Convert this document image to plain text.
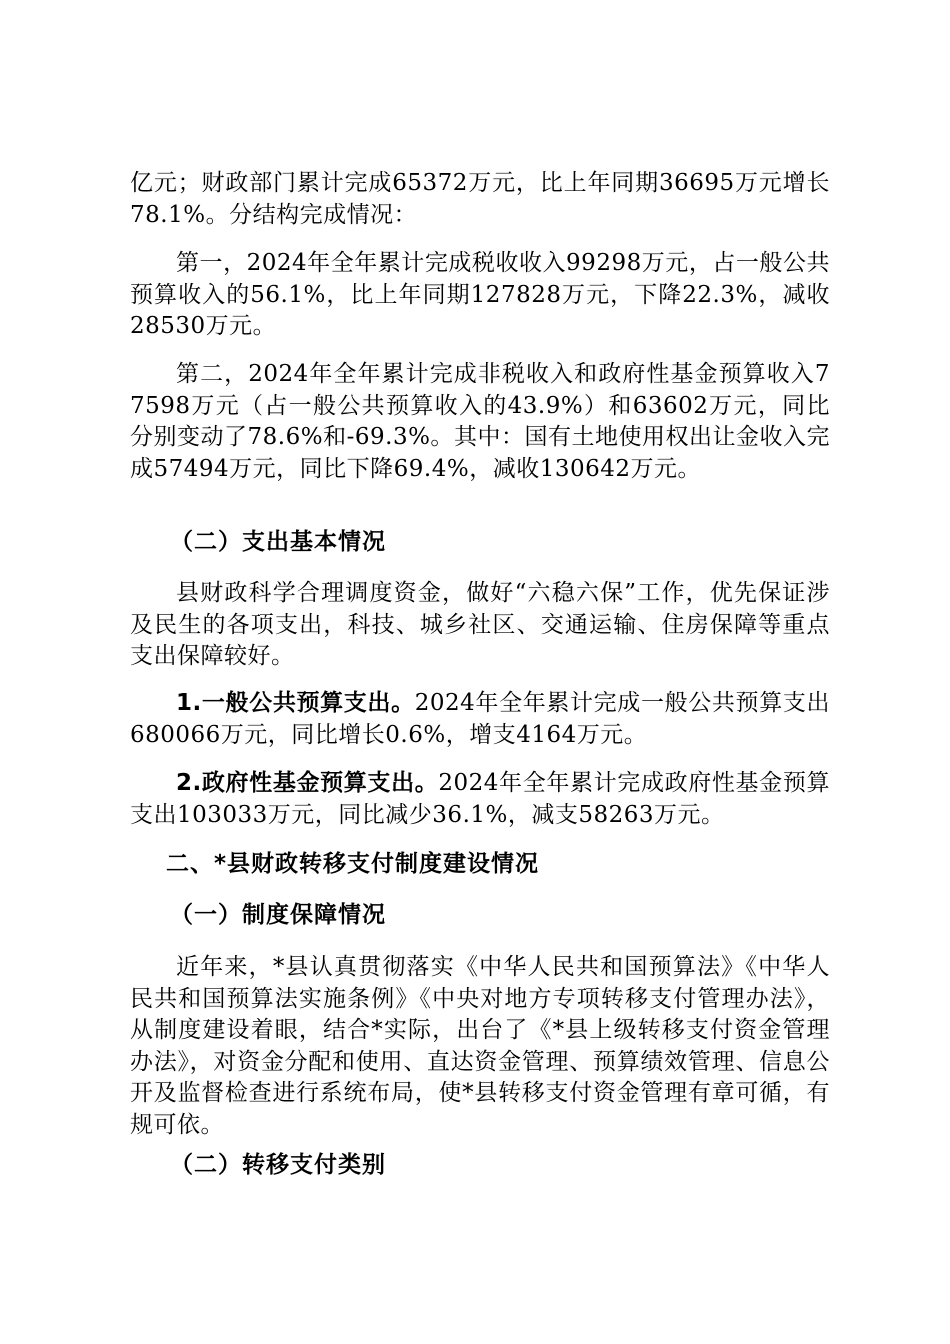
亿元；财政部门累计完成65372万元，比上年同期36695万元增长78.1%。分结构完成情况：
第一，2024年全年累计完成税收收入99298万元，占一般公共预算收入的56.1%，比上年同期127828万元，下降22.3%，减收28530万元。
第二，2024年全年累计完成非税收入和政府性基金预算收入77598万元（占一般公共预算收入的43.9%）和63602万元，同比分别变动了78.6%和-69.3%。其中：国有土地使用权出让金收入完成57494万元，同比下降69.4%，减收130642万元。
（二）支出基本情况
县财政科学合理调度资金，做好“六稳六保”工作，优先保证涉及民生的各项支出，科技、城乡社区、交通运输、住房保障等重点支出保障较好。
1.一般公共预算支出。2024年全年累计完成一般公共预算支出680066万元，同比增长0.6%，增支4164万元。
2.政府性基金预算支出。2024年全年累计完成政府性基金预算支出103033万元，同比减少36.1%，减支58263万元。
二、*县财政转移支付制度建设情况
（一）制度保障情况
近年来，*县认真贯彻落实《中华人民共和国预算法》《中华人民共和国预算法实施条例》《中央对地方专项转移支付管理办法》，从制度建设着眼，结合*实际，出台了《*县上级转移支付资金管理办法》，对资金分配和使用、直达资金管理、预算绩效管理、信息公开及监督检查进行系统布局，使*县转移支付资金管理有章可循，有规可依。
（二）转移支付类别
